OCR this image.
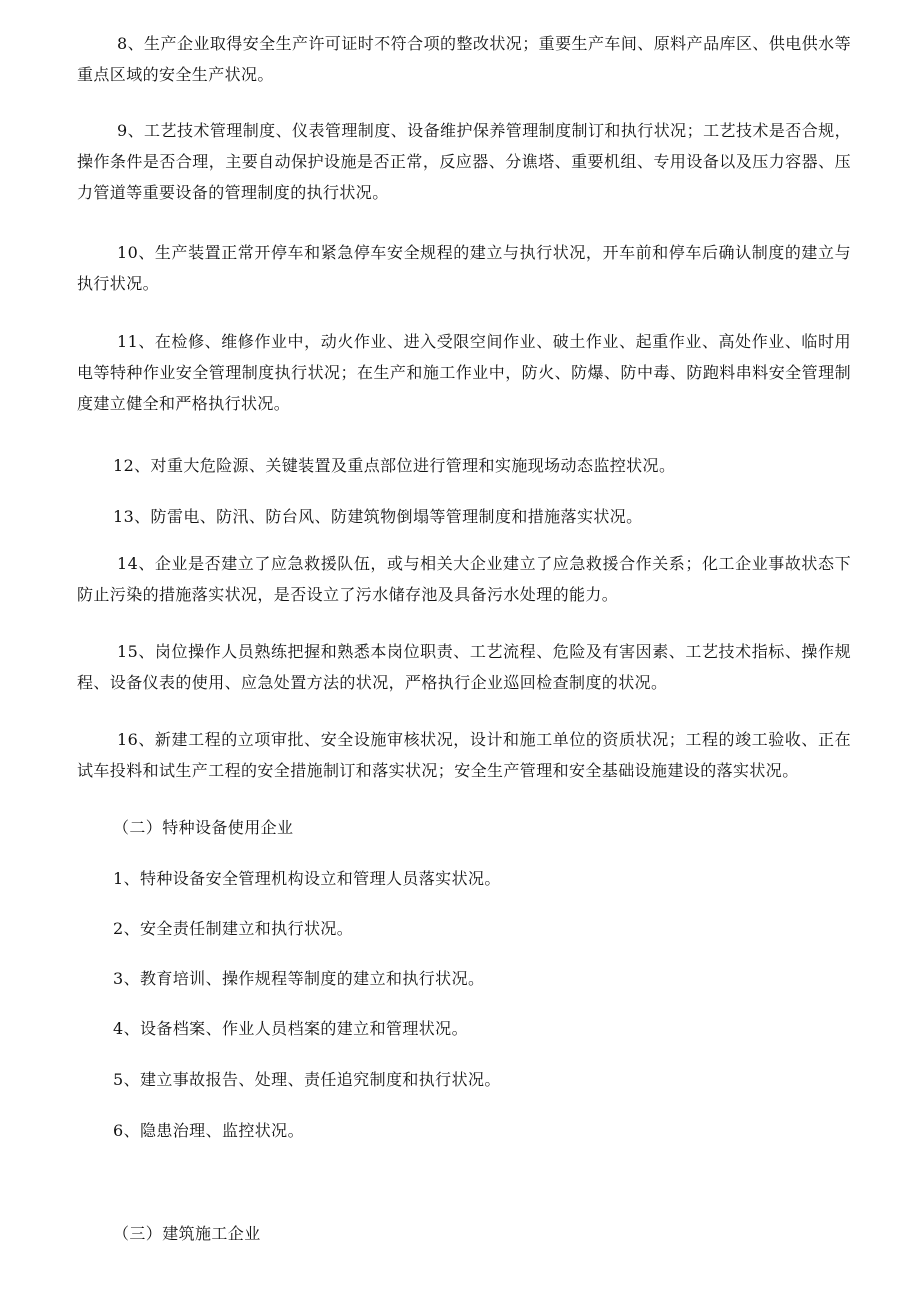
8、生产企业取得安全生产许可证时不符合项的整改状况；重要生产车间、原料产品库区、供电供水等重点区域的安全生产状况。

9、工艺技术管理制度、仪表管理制度、设备维护保养管理制度制订和执行状况；工艺技术是否合规，操作条件是否合理，主要自动保护设施是否正常，反应器、分谯塔、重要机组、专用设备以及压力容器、压力管道等重要设备的管理制度的执行状况。

10、生产装置正常开停车和紧急停车安全规程的建立与执行状况，开车前和停车后确认制度的建立与执行状况。

11、在检修、维修作业中，动火作业、进入受限空间作业、破土作业、起重作业、高处作业、临时用电等特种作业安全管理制度执行状况；在生产和施工作业中，防火、防爆、防中毒、防跑料串料安全管理制度建立健全和严格执行状况。

12、对重大危险源、关键装置及重点部位进行管理和实施现场动态监控状况。

13、防雷电、防汛、防台风、防建筑物倒塌等管理制度和措施落实状况。

14、企业是否建立了应急救援队伍，或与相关大企业建立了应急救援合作关系；化工企业事故状态下防止污染的措施落实状况，是否设立了污水储存池及具备污水处理的能力。

15、岗位操作人员熟练把握和熟悉本岗位职责、工艺流程、危险及有害因素、工艺技术指标、操作规程、设备仪表的使用、应急处置方法的状况，严格执行企业巡回检查制度的状况。

16、新建工程的立项审批、安全设施审核状况，设计和施工单位的资质状况；工程的竣工验收、正在试车投料和试生产工程的安全措施制订和落实状况；安全生产管理和安全基础设施建设的落实状况。

（二）特种设备使用企业

1、特种设备安全管理机构设立和管理人员落实状况。

2、安全责任制建立和执行状况。

3、教育培训、操作规程等制度的建立和执行状况。

4、设备档案、作业人员档案的建立和管理状况。

5、建立事故报告、处理、责任追究制度和执行状况。

6、隐患治理、监控状况。

（三）建筑施工企业
